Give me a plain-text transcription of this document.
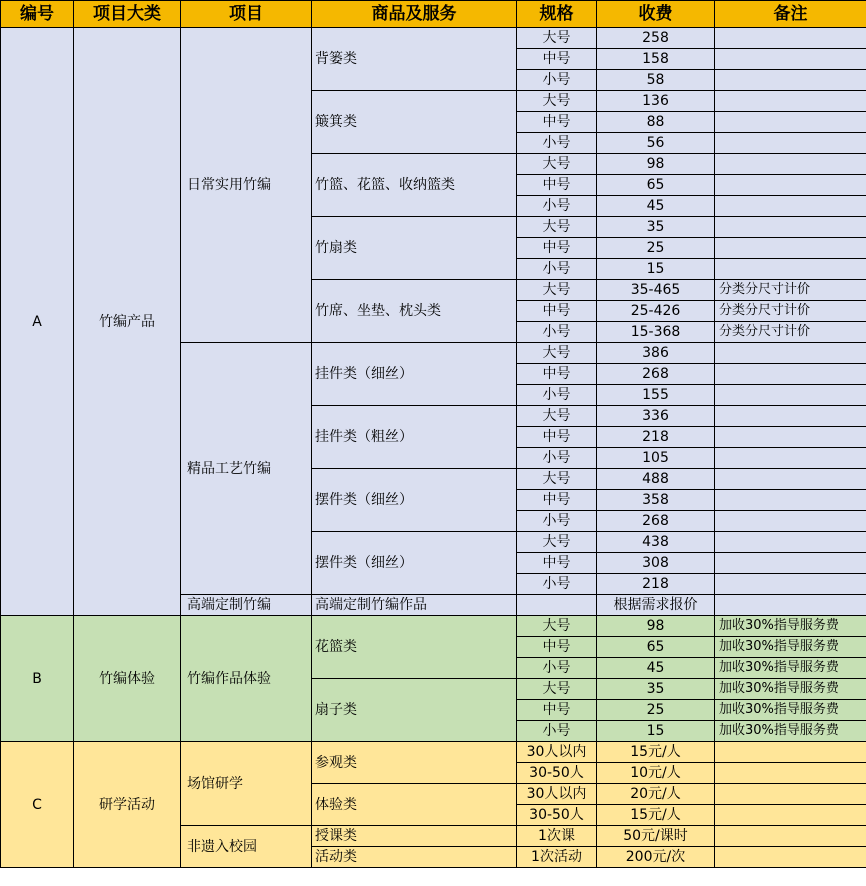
编号	项目大类	项目	商品及服务	规格	收费	备注
A	竹编产品	日常实用竹编	背篓类	大号	258	
				中号	158	
				小号	58	
			簸箕类	大号	136	
				中号	88	
				小号	56	
			竹篮、花篮、收纳篮类	大号	98	
				中号	65	
				小号	45	
			竹扇类	大号	35	
				中号	25	
				小号	15	
			竹席、坐垫、枕头类	大号	35-465	分类分尺寸计价
				中号	25-426	分类分尺寸计价
				小号	15-368	分类分尺寸计价
		精品工艺竹编	挂件类（细丝）	大号	386	
				中号	268	
				小号	155	
			挂件类（粗丝）	大号	336	
				中号	218	
				小号	105	
			摆件类（细丝）	大号	488	
				中号	358	
				小号	268	
			摆件类（细丝）	大号	438	
				中号	308	
				小号	218	
		高端定制竹编	高端定制竹编作品		根据需求报价	
B	竹编体验	竹编作品体验	花篮类	大号	98	加收30%指导服务费
				中号	65	加收30%指导服务费
				小号	45	加收30%指导服务费
			扇子类	大号	35	加收30%指导服务费
				中号	25	加收30%指导服务费
				小号	15	加收30%指导服务费
C	研学活动	场馆研学	参观类	30人以内	15元/人	
				30-50人	10元/人	
			体验类	30人以内	20元/人	
				30-50人	15元/人	
		非遗入校园	授课类	1次课	50元/课时	
			活动类	1次活动	200元/次	
